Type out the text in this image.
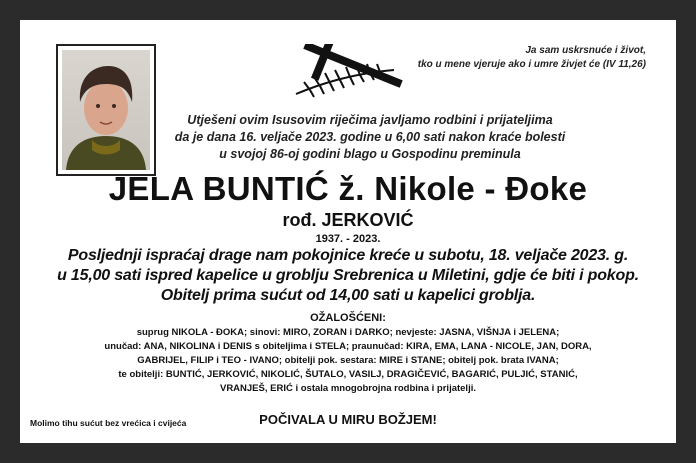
Ja sam uskrsnuće i život,
tko u mene vjeruje ako i umre živjet će (IV 11,26)
Utješeni ovim Isusovim riječima javljamo rodbini i prijateljima
da je dana 16. veljače 2023. godine u 6,00 sati nakon kraće bolesti
u svojoj 86-oj godini blago u Gospodinu preminula
JELA BUNTIĆ ž. Nikole - Đoke
rođ. JERKOVIĆ
1937. - 2023.
Posljednji ispraćaj drage nam pokojnice kreće u subotu, 18. veljače 2023. g.
u 15,00 sati ispred kapelice u groblju Srebrenica u Miletini, gdje će biti i pokop.
Obitelj prima sućut od 14,00 sati u kapelici groblja.
OŽALOŠĆENI:
suprug NIKOLA - ĐOKA; sinovi: MIRO, ZORAN i DARKO; nevjeste: JASNA, VIŠNJA i JELENA;
unučad: ANA, NIKOLINA i DENIS s obiteljima i STELA; praunučad: KIRA, EMA, LANA - NICOLE, JAN, DORA,
GABRIJEL, FILIP i TEO - IVANO; obitelji pok. sestara: MIRE i STANE; obitelj pok. brata IVANA;
te obitelji: BUNTIĆ, JERKOVIĆ, NIKOLIĆ, ŠUTALO, VASILJ, DRAGIČEVIĆ, BAGARIĆ, PULJIĆ, STANIĆ,
VRANJEŠ, ERIĆ i ostala mnogobrojna rodbina i prijatelji.
Molimo tihu sućut bez vrećica i cvijeća	POČIVALA U MIRU BOŽJEM!
